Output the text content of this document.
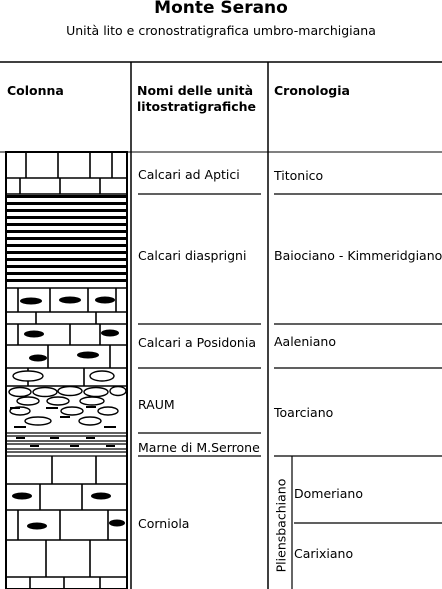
Monte Serano
Unità lito e cronostratigrafica umbro-marchigiana
Colonna	Nomi delle unità litostratigrafiche
Cronologia
Calcari ad Aptici
Calcari diasprigni
Calcari a Posidonia
RAUM
Marne di M.Serrone
Corniola
Titonico
Baiociano - Kimmeridgiano
Aaleniano
Toarciano
Domeriano
Carixiano
Pliensbachiano
